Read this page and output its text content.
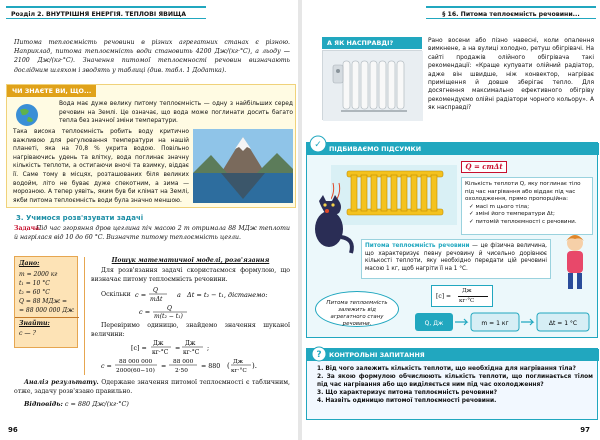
Розділ 2. ВНУТРІШНЯ ЕНЕРГІЯ. ТЕПЛОВІ ЯВИЩА
Питома теплоємність речовини в різних агрегатних станах є різною. Наприклад, питома теплоємність води становить 4200 Дж/(кг·°C), а льоду — 2100 Дж/(кг·°C). Значення питомої теплоємності речовин визначають дослідним шляхом і зводять у таблиці (див. табл. 1 Додатка).
ЧИ ЗНАЄТЕ ВИ, ЩО...
Вода має дуже велику питому теплоємність — одну з найбільших серед речовин на Землі. Це означає, що вода може поглинати досить багато тепла без значної зміни температури.
Така висока теплоємність робить воду критично важливою для регулювання температури на нашій планеті, яка на 70,8 % укрита водою. Повільно нагріваючись удень та влітку, вода поглинає значну кількість теплоти, а остигаючи вночі та взимку, віддає її. Саме тому в місцях, розташованих біля великих водойм, літо не буває дуже спекотним, а зима — морозною. А тепер уявіть, яким був би клімат на Землі, якби питома теплоємність води була значно меншою.
3. Учимося розв'язувати задачі
Задача.
Під час згоряння дров цеглина піч масою 2 т отримала 88 МДж теплоти й нагрілася від 10 до 60 °C. Визначте питому теплоємність цегли.
Дано:
m = 2000 кг
t₁ = 10 °C
t₂ = 60 °C
Q = 88 МДж =
= 88 000 000 Дж
Знайти:
c — ?
Пошук математичної моделі, розв'язання
Для розв'язання задачі скористаємося формулою, що визначає питому теплоємність речовини.
Оскільки c =
Q
mΔt
а Δt = t₂ − t₁, дістанемо:
c =	Q
m(t₂ − t₁)
Перевіримо одиницю, знайдемо значення шуканої величини:
[c] =
Дж
кг·°C
=
Дж
кг·°C
;
c =
88 000 000
2000(60−10)
=
88 000
2·50
= 880 ( Дж
кг·°C
).
Аналіз результату. Одержане значення питомої теплоємності є табличним, отже, задачу розв'язано правильно.
Відповідь: c = 880 Дж/(кг·°C)
96
§ 16. Питома теплоємність речовини...
А ЯК НАСПРАВДІ?	Рано восени або пізно навесні, коли опалення вимкнене, а на вулиці холодно, ретуш обігрівачі. На сайті продажів олійного обігрівача такі рекомендації: «Краще купувати олійний радіатор, адже він швидше, ніж конвектор, нагріває приміщення й довше зберігає тепло. Для досягнення максимально ефективного обігріву рекомендуємо олійні радіатори чорного кольору». А як насправді?
ПІДБИВАЄМО ПІДСУМКИ
✓
Q = cmΔt
Кількість теплоти Q, яку поглинає тіло під час нагрівання або віддає під час охолодження, прямо пропорційна:
✓ масі m цього тіла;
✓ зміні його температури Δt;
✓ питомій теплоємності c речовини.
Питома теплоємність речовини — це фізична величина, що характеризує певну речовину й чисельно дорівнює кількості теплоти, яку необхідно передати цій речовині масою 1 кг, щоб нагріти її на 1 °C.
Питома теплоємність залежить від агрегатного стану речовини.
[c] =
Дж
кг·°C
Q, Дж	m = 1 кг	Δt = 1 °C
КОНТРОЛЬНІ ЗАПИТАННЯ
?
1. Від чого залежить кількість теплоти, що необхідна для нагрівання тіла?
2. За якою формулою обчислюють кількість теплоти, що поглинається тілом під час нагрівання або що виділяється ним під час охолодження?
3. Що характеризує питома теплоємність речовини?
4. Назвіть одиницю питомої теплоємності речовини.
97
